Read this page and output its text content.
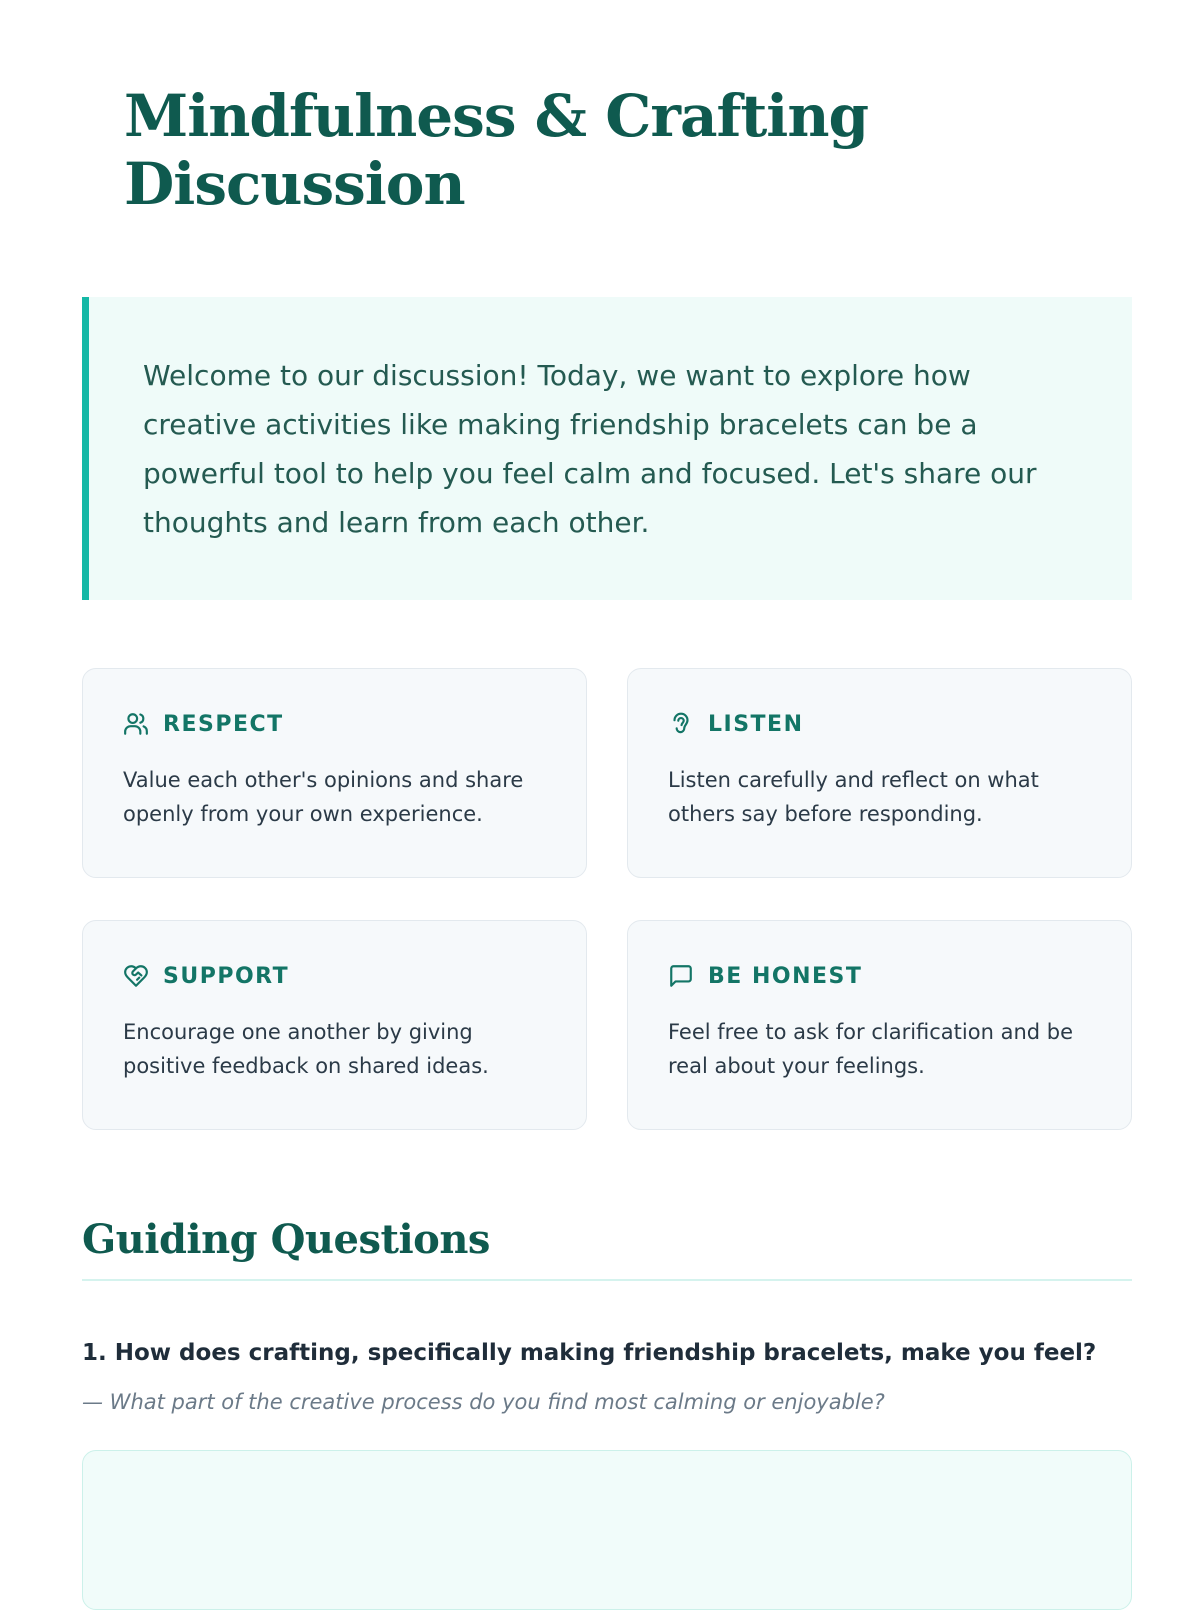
Mindfulness & Crafting
Discussion

Welcome to our discussion! Today, we want to explore how creative activities like making friendship bracelets can be a powerful tool to help you feel calm and focused. Let's share our thoughts and learn from each other.

RESPECT

Value each other's opinions and share openly from your own experience.

LISTEN

Listen carefully and reflect on what others say before responding.

SUPPORT

Encourage one another by giving positive feedback on shared ideas.

BE HONEST

Feel free to ask for clarification and be real about your feelings.

Guiding Questions

1. How does crafting, specifically making friendship bracelets, make you feel?

— What part of the creative process do you find most calming or enjoyable?
